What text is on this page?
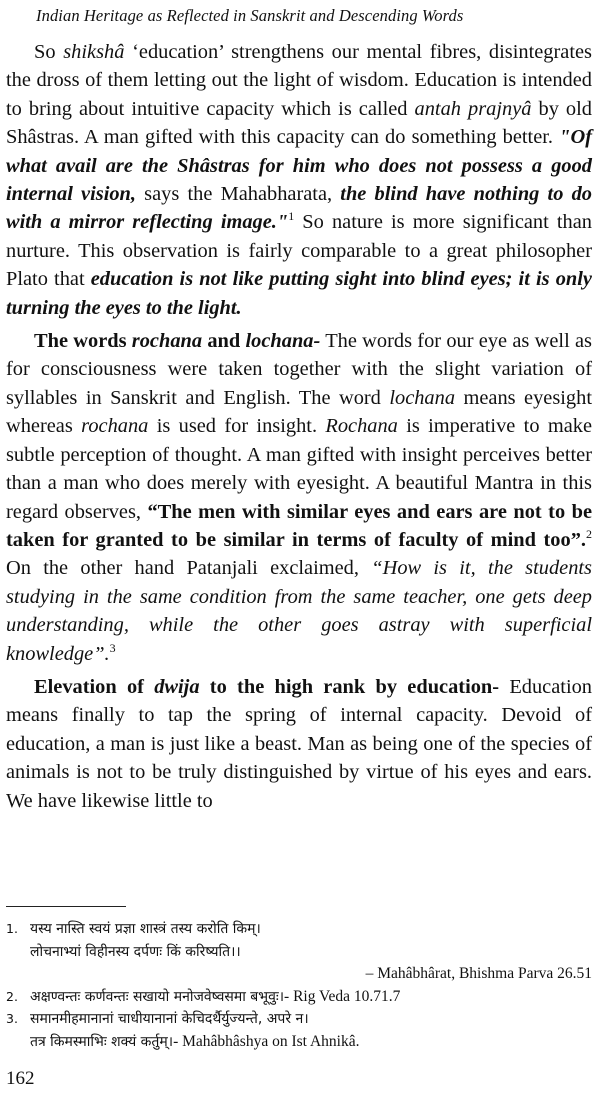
Indian Heritage as Reflected in Sanskrit and Descending Words

So shikshâ ‘education’ strengthens our mental fibres, disintegrates the dross of them letting out the light of wisdom. Education is intended to bring about intuitive capacity which is called antah prajnyâ by old Shâstras. A man gifted with this capacity can do something better. "Of what avail are the Shâstras for him who does not possess a good internal vision, says the Mahabharata, the blind have nothing to do with a mirror reflecting image."$^1$ So nature is more significant than nurture. This observation is fairly comparable to a great philosopher Plato that education is not like putting sight into blind eyes; it is only turning the eyes to the light.

The words rochana and lochana- The words for our eye as well as for consciousness were taken together with the slight variation of syllables in Sanskrit and English. The word lochana means eyesight whereas rochana is used for insight. Rochana is imperative to make subtle perception of thought. A man gifted with insight perceives better than a man who does merely with eyesight. A beautiful Mantra in this regard observes, “The men with similar eyes and ears are not to be taken for granted to be similar in terms of faculty of mind too”.$^2$ On the other hand Patanjali exclaimed, “How is it, the students studying in the same condition from the same teacher, one gets deep understanding, while the other goes astray with superficial knowledge”.$^3$

Elevation of dwija to the high rank by education- Education means finally to tap the spring of internal capacity. Devoid of education, a man is just like a beast. Man as being one of the species of animals is not to be truly distinguished by virtue of his eyes and ears. We have likewise little to

1. यस्य नास्ति स्वयं प्रज्ञा शास्त्रं तस्य करोति किम्।
लोचनाभ्यां विहीनस्य दर्पणः किं करिष्यति।।
– Mahâbhârat, Bhishma Parva 26.51
2. अक्षण्वन्तः कर्णवन्तः सखायो मनोजवेष्वसमा बभूवुः। - Rig Veda 10.71.7
3. समानमीहमानानां चाधीयानानां केचिदर्थैर्युज्यन्ते, अपरे न।
तत्र किमस्माभिः शक्यं कर्तुम्। - Mahâbhâshya on Ist Ahnikâ.
162
